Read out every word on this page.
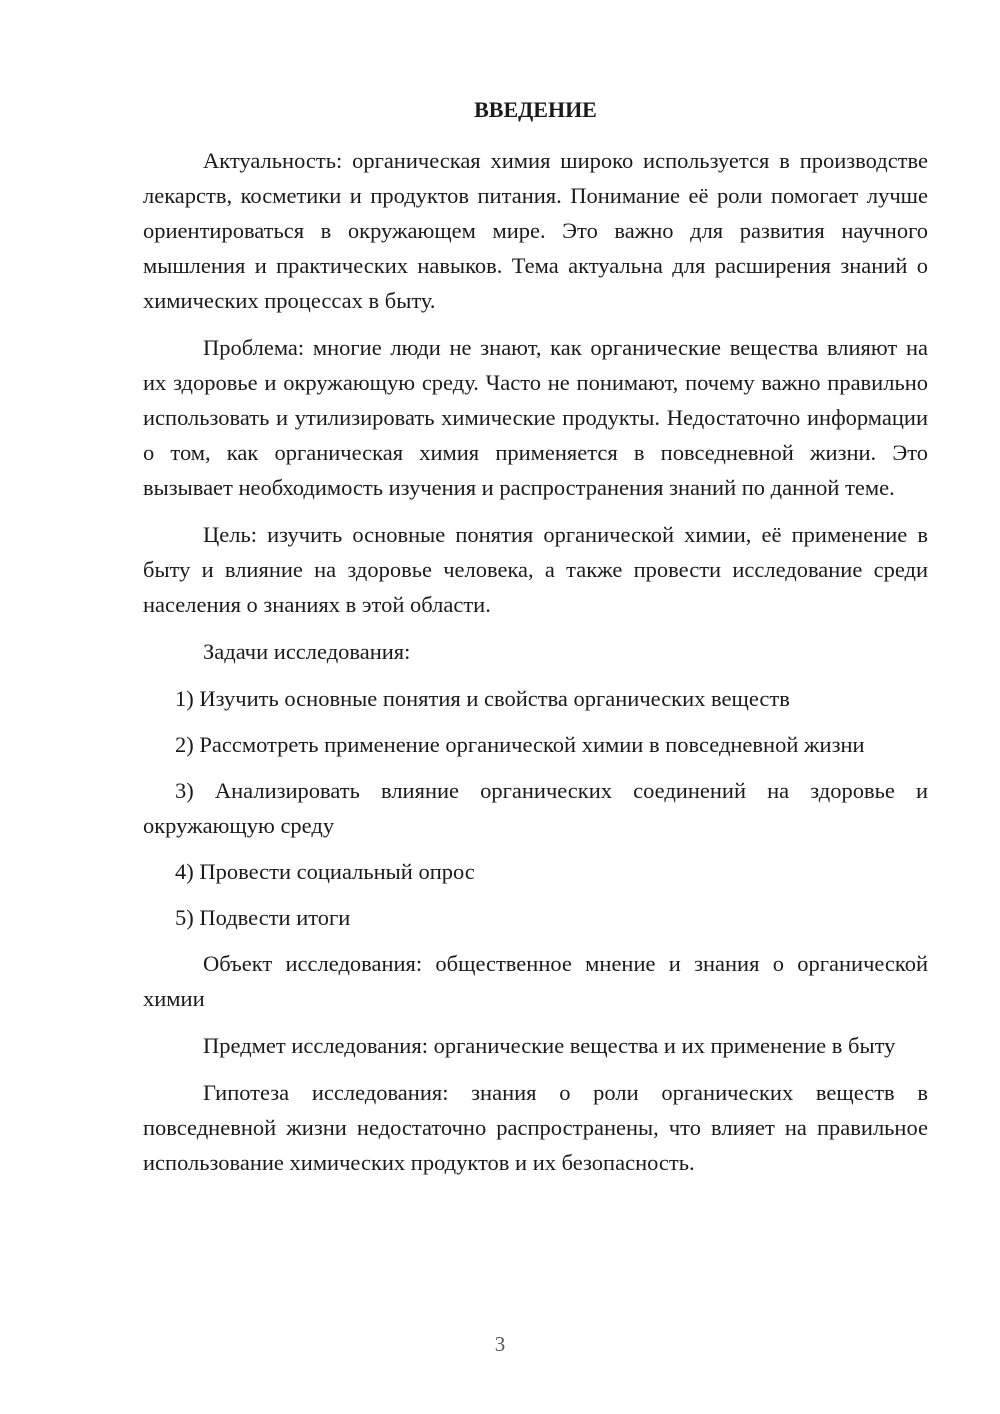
ВВЕДЕНИЕ

Актуальность: органическая химия широко используется в производстве лекарств, косметики и продуктов питания. Понимание её роли помогает лучше ориентироваться в окружающем мире. Это важно для развития научного мышления и практических навыков. Тема актуальна для расширения знаний о химических процессах в быту.

Проблема: многие люди не знают, как органические вещества влияют на их здоровье и окружающую среду. Часто не понимают, почему важно правильно использовать и утилизировать химические продукты. Недостаточно информации о том, как органическая химия применяется в повседневной жизни. Это вызывает необходимость изучения и распространения знаний по данной теме.

Цель: изучить основные понятия органической химии, её применение в быту и влияние на здоровье человека, а также провести исследование среди населения о знаниях в этой области.

Задачи исследования:

1) Изучить основные понятия и свойства органических веществ

2) Рассмотреть применение органической химии в повседневной жизни

3) Анализировать влияние органических соединений на здоровье и окружающую среду

4) Провести социальный опрос

5) Подвести итоги

Объект исследования: общественное мнение и знания о органической химии

Предмет исследования: органические вещества и их применение в быту

Гипотеза исследования: знания о роли органических веществ в повседневной жизни недостаточно распространены, что влияет на правильное использование химических продуктов и их безопасность.

3
